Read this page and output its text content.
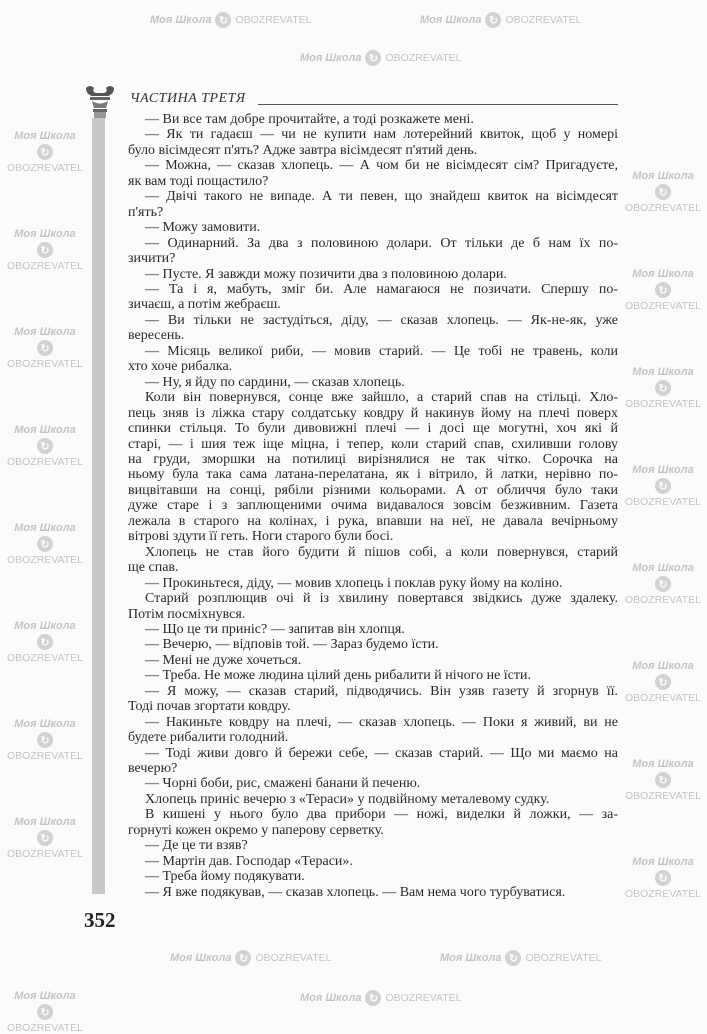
Моя Школа
↻
OBOZREVATEL
Моя Школа
↻
OBOZREVATEL
Моя Школа
↻
OBOZREVATEL
Моя Школа
↻
OBOZREVATEL
Моя Школа
↻
OBOZREVATEL
Моя Школа
↻
OBOZREVATEL
Моя Школа
↻
OBOZREVATEL
Моя Школа
↻
OBOZREVATEL
Моя Школа
↻
OBOZREVATEL
Моя Школа
↻
OBOZREVATEL
Моя Школа
↻
OBOZREVATEL
Моя Школа
↻
OBOZREVATEL
Моя Школа
↻
OBOZREVATEL
Моя Школа
↻
OBOZREVATEL
Моя Школа
↻
OBOZREVATEL
Моя Школа
↻
OBOZREVATEL
Моя Школа ↻ OBOZREVATEL	Моя Школа ↻ OBOZREVATEL
Моя Школа ↻ OBOZREVATEL
Моя Школа ↻ OBOZREVATEL	Моя Школа ↻ OBOZREVATEL
Моя Школа ↻ OBOZREVATEL
Моя Школа
↻
OBOZREVATEL
ЧАСТИНА ТРЕТЯ
— Ви все там добре прочитайте, а тоді розкажете мені.
— Як ти гадаєш — чи не купити нам лотерейний квиток, щоб у номері
було вісімдесят п'ять? Адже завтра вісімдесят п'ятий день.
— Можна, — сказав хлопець. — А чом би не вісімдесят сім? Пригадуєте,
як вам тоді пощастило?
— Двічі такого не випаде. А ти певен, що знайдеш квиток на вісімдесят
п'ять?
— Можу замовити.
— Одинарний. За два з половиною долари. От тільки де б нам їх по-
зичити?
— Пусте. Я завжди можу позичити два з половиною долари.
— Та і я, мабуть, зміг би. Але намагаюся не позичати. Спершу по-
зичаєш, а потім жебраєш.
— Ви тільки не застудіться, діду, — сказав хлопець. — Як-не-як, уже
вересень.
— Місяць великої риби, — мовив старий. — Це тобі не травень, коли
хто хоче рибалка.
— Ну, я йду по сардини, — сказав хлопець.
Коли він повернувся, сонце вже зайшло, а старий спав на стільці. Хло-
пець зняв із ліжка стару солдатську ковдру й накинув йому на плечі поверх
спинки стільця. То були дивовижні плечі — і досі ще могутні, хоч які й
старі, — і шия теж іще міцна, і тепер, коли старий спав, схиливши голову
на груди, зморшки на потилиці вирізнялися не так чітко. Сорочка на
ньому була така сама латана-перелатана, як і вітрило, й латки, нерівно по-
вицвітавши на сонці, рябіли різними кольорами. А от обличчя було таки
дуже старе і з заплющеними очима видавалося зовсім безживним. Газета
лежала в старого на колінах, і рука, впавши на неї, не давала вечірньому
вітрові здути її геть. Ноги старого були босі.
Хлопець не став його будити й пішов собі, а коли повернувся, старий
ще спав.
— Прокиньтеся, діду, — мовив хлопець і поклав руку йому на коліно.
Старий розплющив очі й із хвилину повертався звідкись дуже здалеку.
Потім посміхнувся.
— Що це ти приніс? — запитав він хлопця.
— Вечерю, — відповів той. — Зараз будемо їсти.
— Мені не дуже хочеться.
— Треба. Не може людина цілий день рибалити й нічого не їсти.
— Я можу, — сказав старий, підводячись. Він узяв газету й згорнув її.
Тоді почав згортати ковдру.
— Накиньте ковдру на плечі, — сказав хлопець. — Поки я живий, ви не
будете рибалити голодний.
— Тоді живи довго й бережи себе, — сказав старий. — Що ми маємо на
вечерю?
— Чорні боби, рис, смажені банани й печеню.
Хлопець приніс вечерю з «Тераси» у подвійному металевому судку.
В кишені у нього було два прибори — ножі, виделки й ложки, — за-
горнуті кожен окремо у паперову серветку.
— Де це ти взяв?
— Мартін дав. Господар «Тераси».
— Треба йому подякувати.
— Я вже подякував, — сказав хлопець. — Вам нема чого турбуватися.
352
